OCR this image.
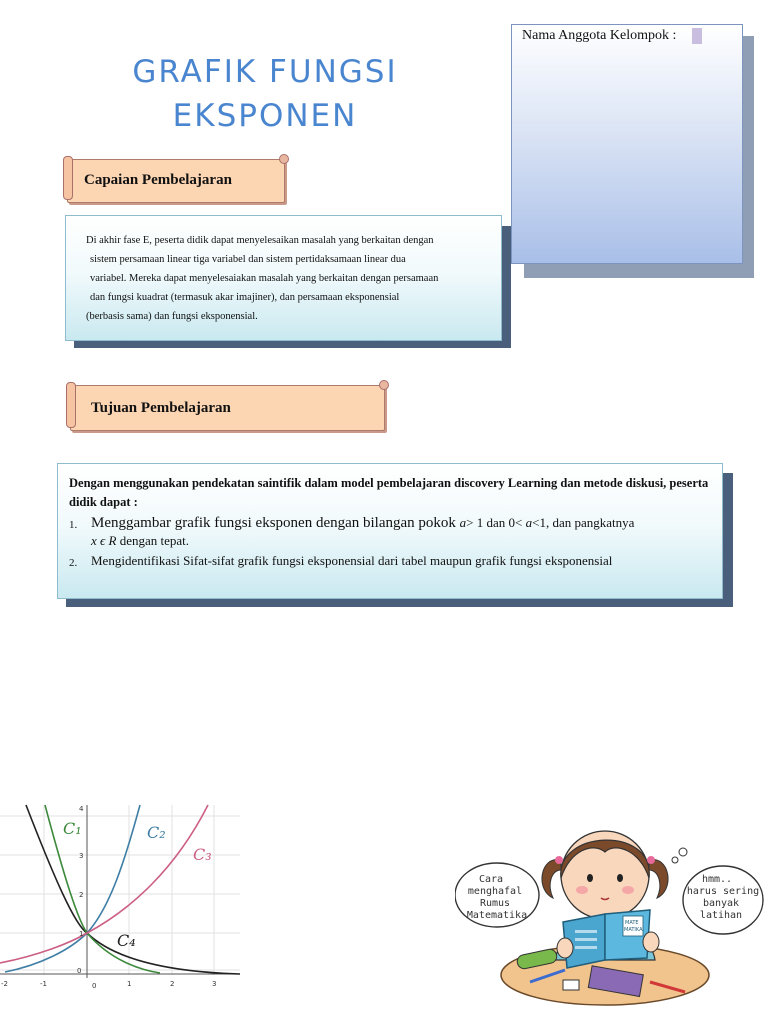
GRAFIK FUNGSI
EKSPONEN
Nama Anggota Kelompok :
Capaian Pembelajaran

Di akhir fase E, peserta didik dapat menyelesaikan masalah yang berkaitan dengan

sistem persamaan linear tiga variabel dan sistem pertidaksamaan linear dua

variabel. Mereka dapat menyelesaiakan masalah yang berkaitan dengan persamaan

dan fungsi kuadrat (termasuk akar imajiner), dan persamaan eksponensial

(berbasis sama) dan fungsi eksponensial.

Tujuan Pembelajaran
Dengan menggunakan pendekatan saintifik dalam model pembelajaran discovery Learning dan metode diskusi, peserta didik dapat :
1. Menggambar grafik fungsi eksponen dengan bilangan pokok a> 1 dan 0< a<1, dan pangkatnya
x ϵ R dengan tepat.
2. Mengidentifikasi Sifat-sifat grafik fungsi eksponensial dari tabel maupun grafik fungsi eksponensial
-2	-1	0	1	2	3
0
1
2
3
4
C₁	C₂
C₃
C₄
MATE
MATIKA
Cara
menghafal
Rumus
Matematika
hmm..
harus sering
banyak
latihan
